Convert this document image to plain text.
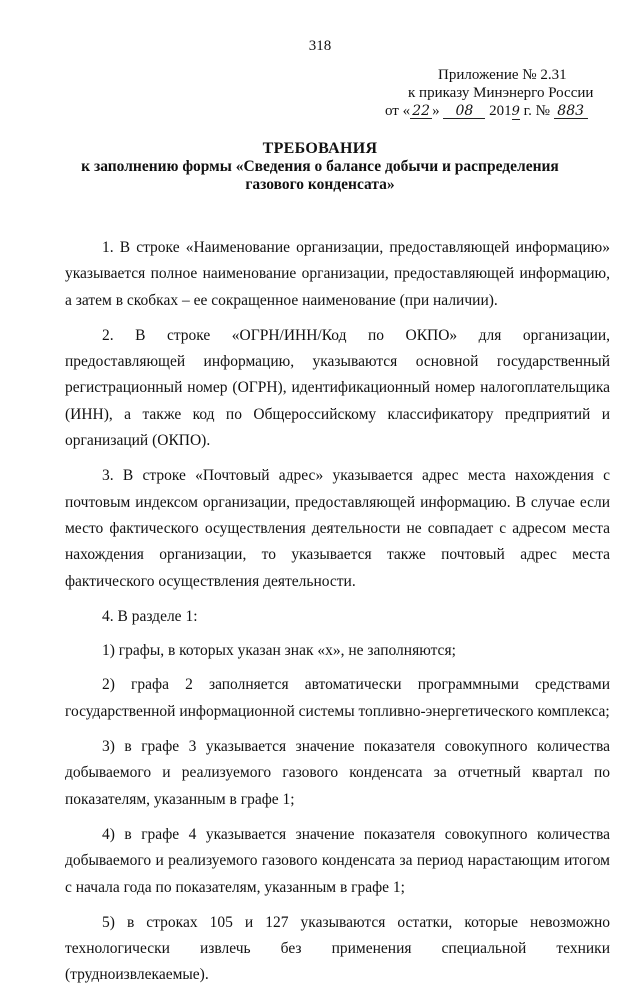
318
Приложение № 2.31
к приказу Минэнерго России
от « 22 » 08 2019 г. № 883
ТРЕБОВАНИЯ
к заполнению формы «Сведения о балансе добычи и распределения
газового конденсата»

1. В строке «Наименование организации, предоставляющей информацию» указывается полное наименование организации, предоставляющей информацию, а затем в скобках – ее сокращенное наименование (при наличии).

2. В строке «ОГРН/ИНН/Код по ОКПО» для организации, предоставляющей информацию, указываются основной государственный регистрационный номер (ОГРН), идентификационный номер налогоплательщика (ИНН), а также код по Общероссийскому классификатору предприятий и организаций (ОКПО).

3. В строке «Почтовый адрес» указывается адрес места нахождения с почтовым индексом организации, предоставляющей информацию. В случае если место фактического осуществления деятельности не совпадает с адресом места нахождения организации, то указывается также почтовый адрес места фактического осуществления деятельности.

4. В разделе 1:

1) графы, в которых указан знак «х», не заполняются;

2) графа 2 заполняется автоматически программными средствами государственной информационной системы топливно-энергетического комплекса;

3) в графе 3 указывается значение показателя совокупного количества добываемого и реализуемого газового конденсата за отчетный квартал по показателям, указанным в графе 1;

4) в графе 4 указывается значение показателя совокупного количества добываемого и реализуемого газового конденсата за период нарастающим итогом с начала года по показателям, указанным в графе 1;

5) в строках 105 и 127 указываются остатки, которые невозможно технологически извлечь без применения специальной техники (трудноизвлекаемые).
